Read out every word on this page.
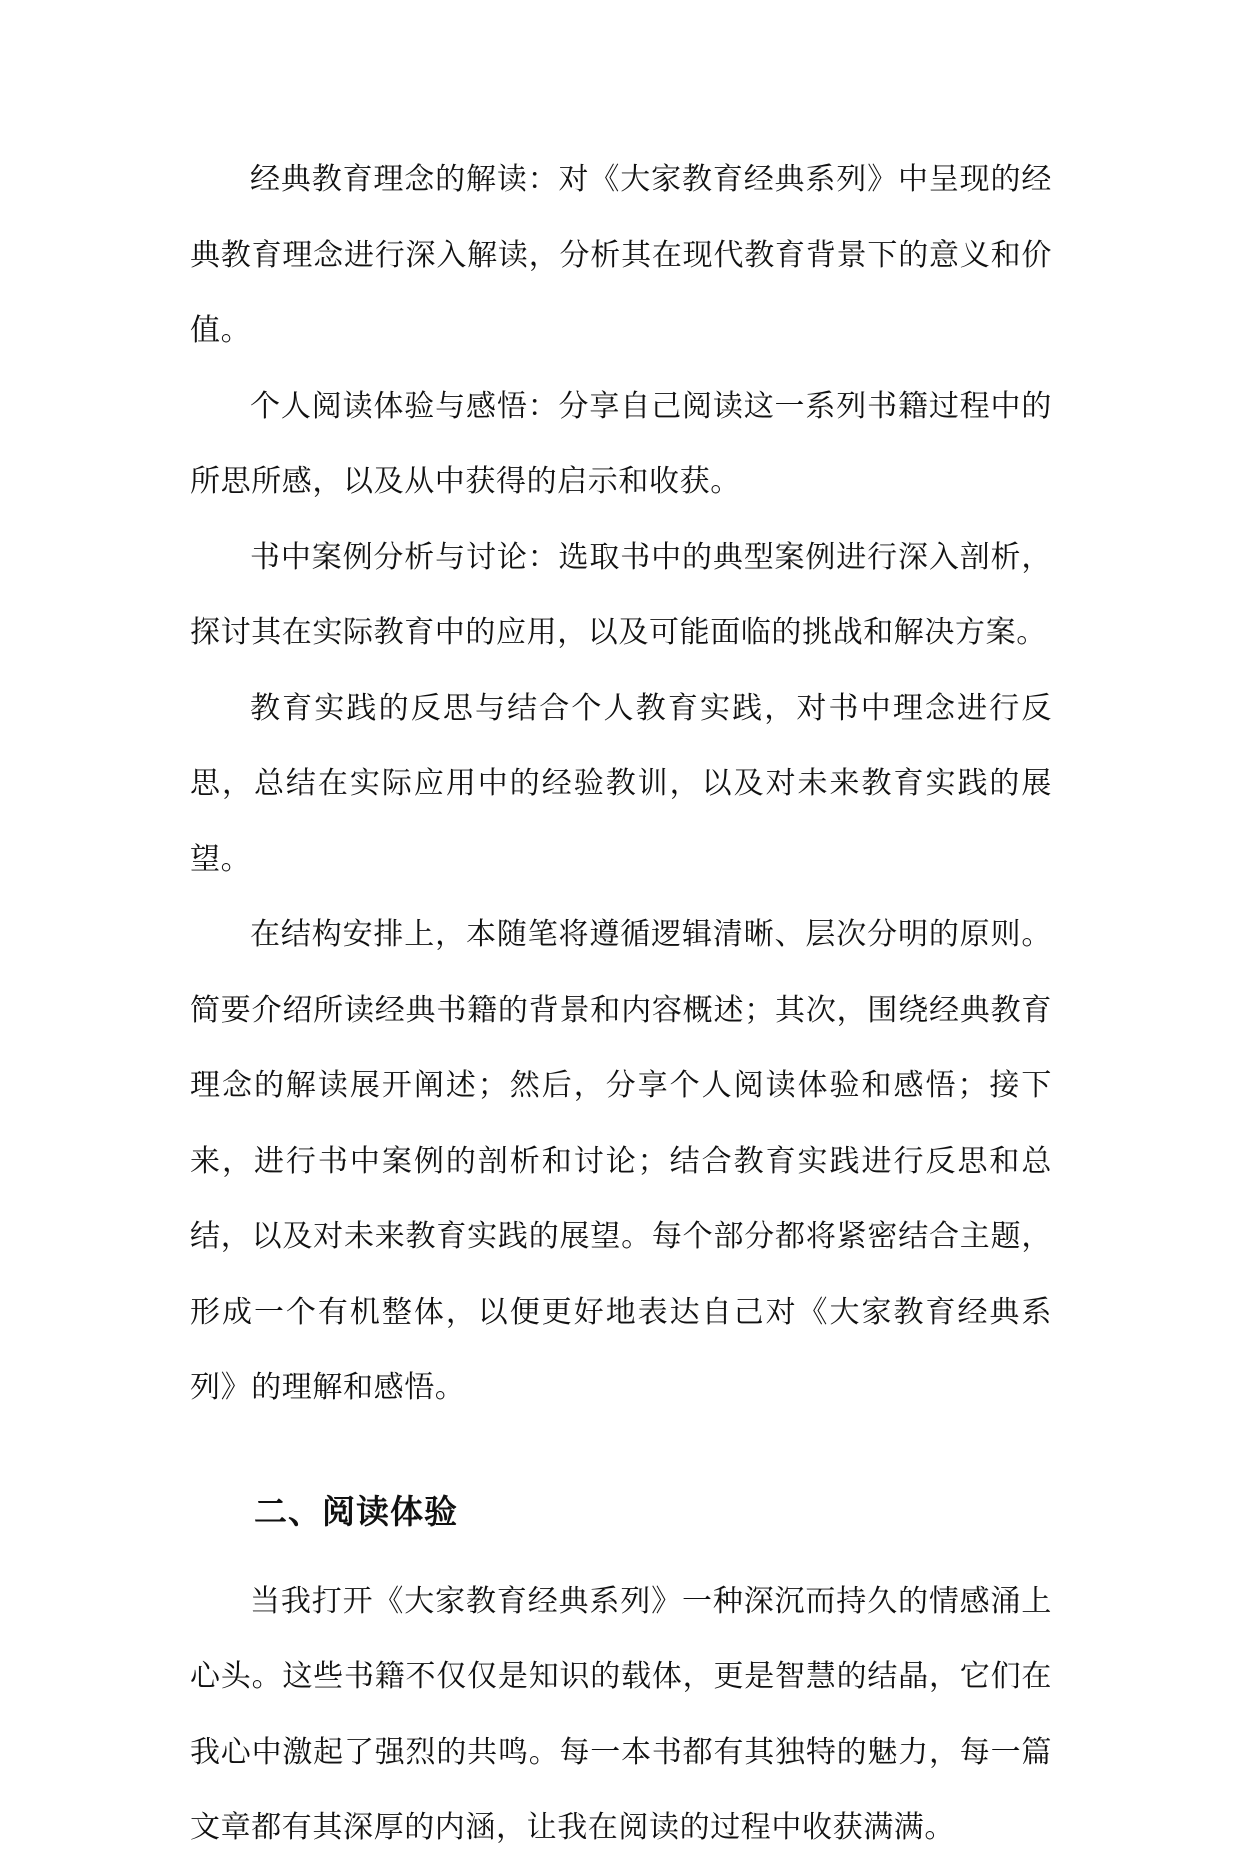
经典教育理念的解读：对《大家教育经典系列》中呈现的经典教育理念进行深入解读，分析其在现代教育背景下的意义和价值。

个人阅读体验与感悟：分享自己阅读这一系列书籍过程中的所思所感，以及从中获得的启示和收获。

书中案例分析与讨论：选取书中的典型案例进行深入剖析，探讨其在实际教育中的应用，以及可能面临的挑战和解决方案。

教育实践的反思与结合个人教育实践，对书中理念进行反思，总结在实际应用中的经验教训，以及对未来教育实践的展望。

在结构安排上，本随笔将遵循逻辑清晰、层次分明的原则。简要介绍所读经典书籍的背景和内容概述；其次，围绕经典教育理念的解读展开阐述；然后，分享个人阅读体验和感悟；接下来，进行书中案例的剖析和讨论；结合教育实践进行反思和总结，以及对未来教育实践的展望。每个部分都将紧密结合主题，形成一个有机整体，以便更好地表达自己对《大家教育经典系列》的理解和感悟。

二、阅读体验

当我打开《大家教育经典系列》一种深沉而持久的情感涌上心头。这些书籍不仅仅是知识的载体，更是智慧的结晶，它们在我心中激起了强烈的共鸣。每一本书都有其独特的魅力，每一篇文章都有其深厚的内涵，让我在阅读的过程中收获满满。
